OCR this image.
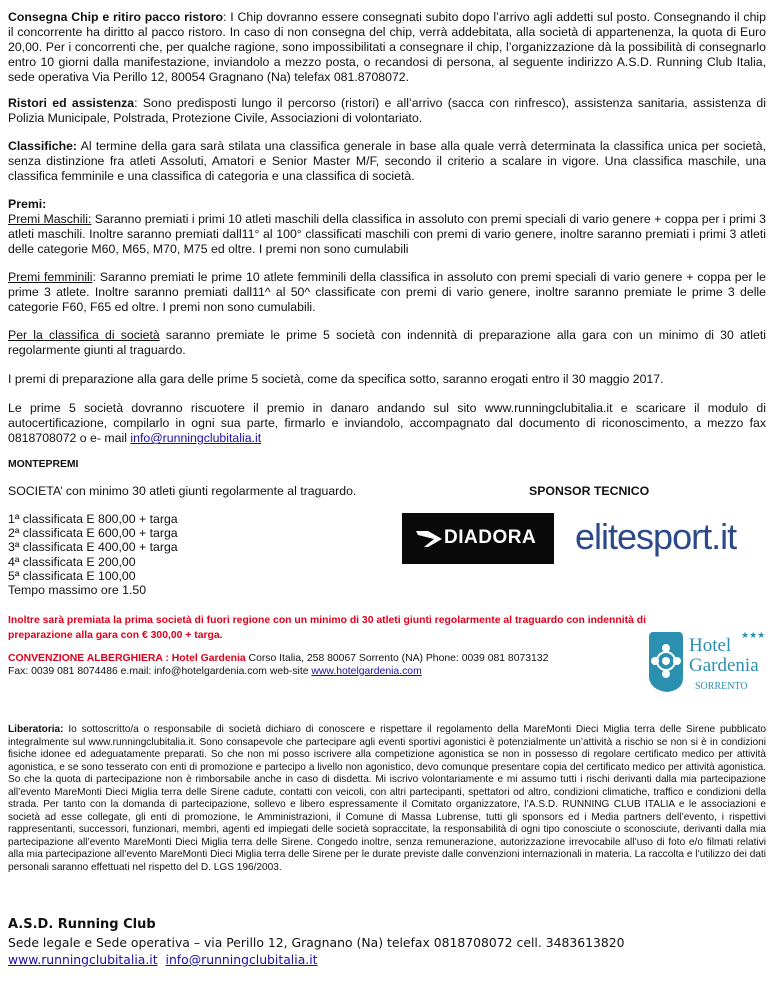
Consegna Chip e ritiro pacco ristoro: I Chip dovranno essere consegnati subito dopo l’arrivo agli addetti sul posto. Consegnando il chip il concorrente ha diritto al pacco ristoro. In caso di non consegna del chip, verrà addebitata, alla società di appartenenza, la quota di Euro 20,00. Per i concorrenti che, per qualche ragione, sono impossibilitati a consegnare il chip, l’organizzazione dà la possibilità di consegnarlo entro 10 giorni dalla manifestazione, inviandolo a mezzo posta, o recandosi di persona, al seguente indirizzo A.S.D. Running Club Italia, sede operativa Via Perillo 12, 80054 Gragnano (Na) telefax 081.8708072.
Ristori ed assistenza: Sono predisposti lungo il percorso (ristori) e all’arrivo (sacca con rinfresco), assistenza sanitaria, assistenza di Polizia Municipale, Polstrada, Protezione Civile, Associazioni di volontariato.
Classifiche: Al termine della gara sarà stilata una classifica generale in base alla quale verrà determinata la classifica unica per società, senza distinzione fra atleti Assoluti, Amatori e Senior Master M/F, secondo il criterio a scalare in vigore. Una classifica maschile, una classifica femminile e una classifica di categoria e una classifica di società.
Premi:
Premi Maschili: Saranno premiati i primi 10 atleti maschili della classifica in assoluto con premi speciali di vario genere + coppa per i primi 3 atleti maschili. Inoltre saranno premiati dall11° al 100° classificati maschili con premi di vario genere, inoltre saranno premiati i primi 3 atleti delle categorie M60, M65, M70, M75 ed oltre. I premi non sono cumulabili
Premi femminili: Saranno premiati le prime 10 atlete femminili della classifica in assoluto con premi speciali di vario genere + coppa per le prime 3 atlete. Inoltre saranno premiati dall11^ al 50^ classificate con premi di vario genere, inoltre saranno premiate le prime 3 delle categorie F60, F65 ed oltre. I premi non sono cumulabili.
Per la classifica di società saranno premiate le prime 5 società con indennità di preparazione alla gara con un minimo di 30 atleti regolarmente giunti al traguardo.
I premi di preparazione alla gara delle prime 5 società, come da specifica sotto, saranno erogati entro il 30 maggio 2017.
Le prime 5 società dovranno riscuotere il premio in danaro andando sul sito www.runningclubitalia.it e scaricare il modulo di autocertificazione, compilarlo in ogni sua parte, firmarlo e inviandolo, accompagnato dal documento di riconoscimento, a mezzo fax 0818708072 o e- mail info@runningclubitalia.it
MONTEPREMI
SOCIETA’ con minimo 30 atleti giunti regolarmente al traguardo.
1ª classificata E 800,00 + targa
2ª classificata E 600,00 + targa
3ª classificata E 400,00 + targa
4ª classificata E 200,00
5ª classificata E 100,00
Tempo massimo ore 1.50
SPONSOR TECNICO
DIADORA elitesport.it
Inoltre sarà premiata la prima società di fuori regione con un minimo di 30 atleti giunti regolarmente al traguardo con indennità di preparazione alla gara con € 300,00 + targa.
CONVENZIONE ALBERGHIERA : Hotel Gardenia Corso Italia, 258 80067 Sorrento (NA) Phone: 0039 081 8073132
Fax: 0039 081 8074486 e.mail: info@hotelgardenia.com web-site www.hotelgardenia.com
Hotel ★★★
Gardenia
SORRENTO
Liberatoria: Io sottoscritto/a o responsabile di società dichiaro di conoscere e rispettare il regolamento della MareMonti Dieci Miglia terra delle Sirene pubblicato integralmente sul www.runningclubitalia.it. Sono consapevole che partecipare agli eventi sportivi agonistici è potenzialmente un’attività a rischio se non si è in condizioni fisiche idonee ed adeguatamente preparati. So che non mi posso iscrivere alla competizione agonistica se non in possesso di regolare certificato medico per attività agonistica, e se sono tesserato con enti di promozione e partecipo a livello non agonistico, devo comunque presentare copia del certificato medico per attività agonistica. So che la quota di partecipazione non è rimborsabile anche in caso di disdetta. Mi iscrivo volontariamente e mi assumo tutti i rischi derivanti dalla mia partecipazione all’evento MareMonti Dieci Miglia terra delle Sirene cadute, contatti con veicoli, con altri partecipanti, spettatori od altro, condizioni climatiche, traffico e condizioni della strada. Per tanto con la domanda di partecipazione, sollevo e libero espressamente il Comitato organizzatore, l’A.S.D. RUNNING CLUB ITALIA e le associazioni e società ad esse collegate, gli enti di promozione, le Amministrazioni, il Comune di Massa Lubrense, tutti gli sponsors ed i Media partners dell’evento, i rispettivi rappresentanti, successori, funzionari, membri, agenti ed impiegati delle società sopraccitate, la responsabilità di ogni tipo conosciute o sconosciute, derivanti dalla mia partecipazione all’evento MareMonti Dieci Miglia terra delle Sirene. Congedo inoltre, senza remunerazione, autorizzazione irrevocabile all’uso di foto e/o filmati relativi alla mia partecipazione all’evento MareMonti Dieci Miglia terra delle Sirene per le durate previste dalle convenzioni internazionali in materia. La raccolta e l’utilizzo dei dati personali saranno effettuati nel rispetto del D. LGS 196/2003.
A.S.D. Running Club
Sede legale e Sede operativa – via Perillo 12, Gragnano (Na) telefax 0818708072 cell. 3483613820
www.runningclubitalia.it info@runningclubitalia.it
